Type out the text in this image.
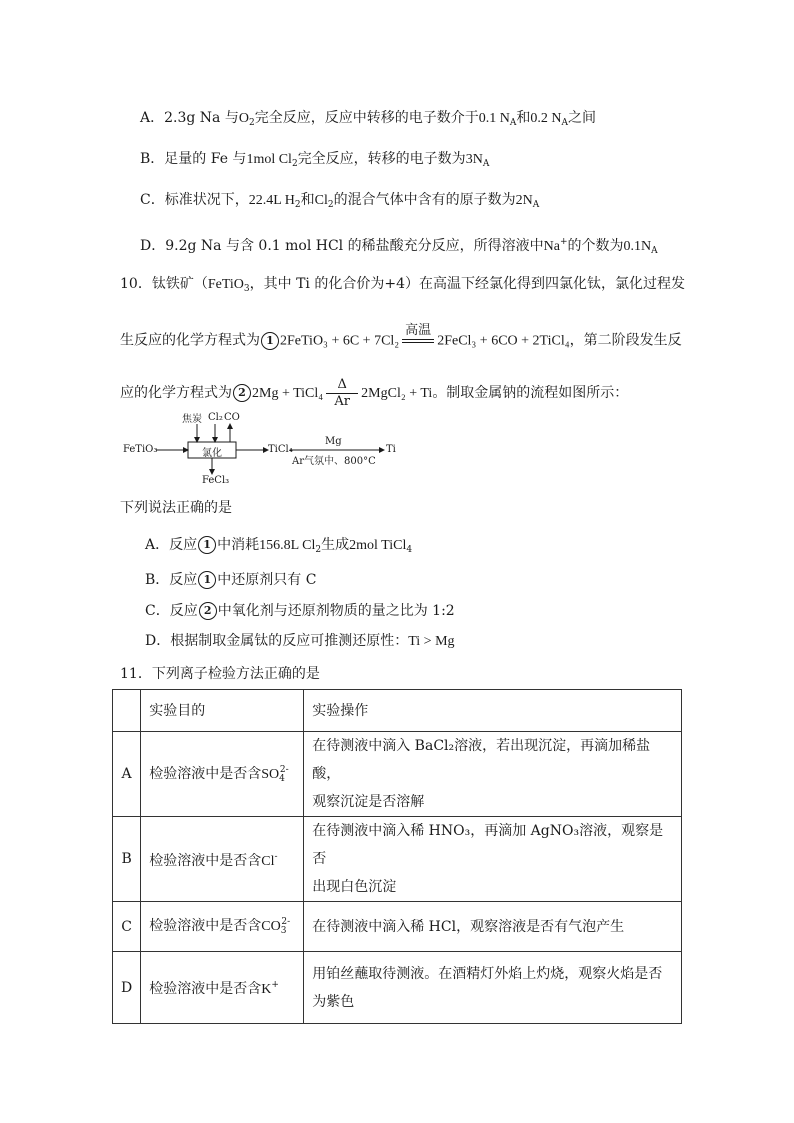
A．2.3g Na 与$O_2$完全反应，反应中转移的电子数介于0.1 $N_A$和0.2 $N_A$之间
B．足量的 Fe 与1mol $Cl_2$完全反应，转移的电子数为$3N_A$
C．标准状况下，22.4L $H_2$和$Cl_2$的混合气体中含有的原子数为$2N_A$
D．9.2g Na 与含 0.1 mol HCl 的稀盐酸充分反应，所得溶液中Na+的个数为$0.1N_A$
10．钛铁矿（FeTiO$_3$，其中 Ti 的化合价为+4）在高温下经氯化得到四氯化钛，氯化过程发
生反应的化学方程式为 1 2FeTiO₃ + 6C + 7Cl₂
高温

2FeCl₃ + 6CO + 2TiCl₄，第二阶段发生反
应的化学方程式为 2 2Mg + TiCl₄ $\frac{\Delta}{Ar}$ 2MgCl₂ + Ti。制取金属钠的流程如图所示：
焦炭 Cl₂ CO
FeTiO₃	氯化	TiCl₄
Mg
Ar气氛中、800°C
Ti
FeCl₃
下列说法正确的是
A．反应 1 中消耗156.8L $Cl_2$生成2mol TiCl$_4$
B．反应 1 中还原剂只有 C
C．反应 2 中氧化剂与还原剂物质的量之比为 1:2
D．根据制取金属钛的反应可推测还原性：Ti > Mg
11．下列离子检验方法正确的是
	实验目的	实验操作
A	检验溶液中是否含$SO_4^{2-}$	在待测液中滴入 BaCl₂溶液，若出现沉淀，再滴加稀盐酸，
观察沉淀是否溶解

B	检验溶液中是否含Cl-	在待测液中滴入稀 HNO₃，再滴加 AgNO₃溶液，观察是否
出现白色沉淀

C	检验溶液中是否含$CO_3^{2-}$	在待测液中滴入稀 HCl，观察溶液是否有气泡产生

D	检验溶液中是否含K+	用铂丝蘸取待测液。在酒精灯外焰上灼烧，观察火焰是否
为紫色
